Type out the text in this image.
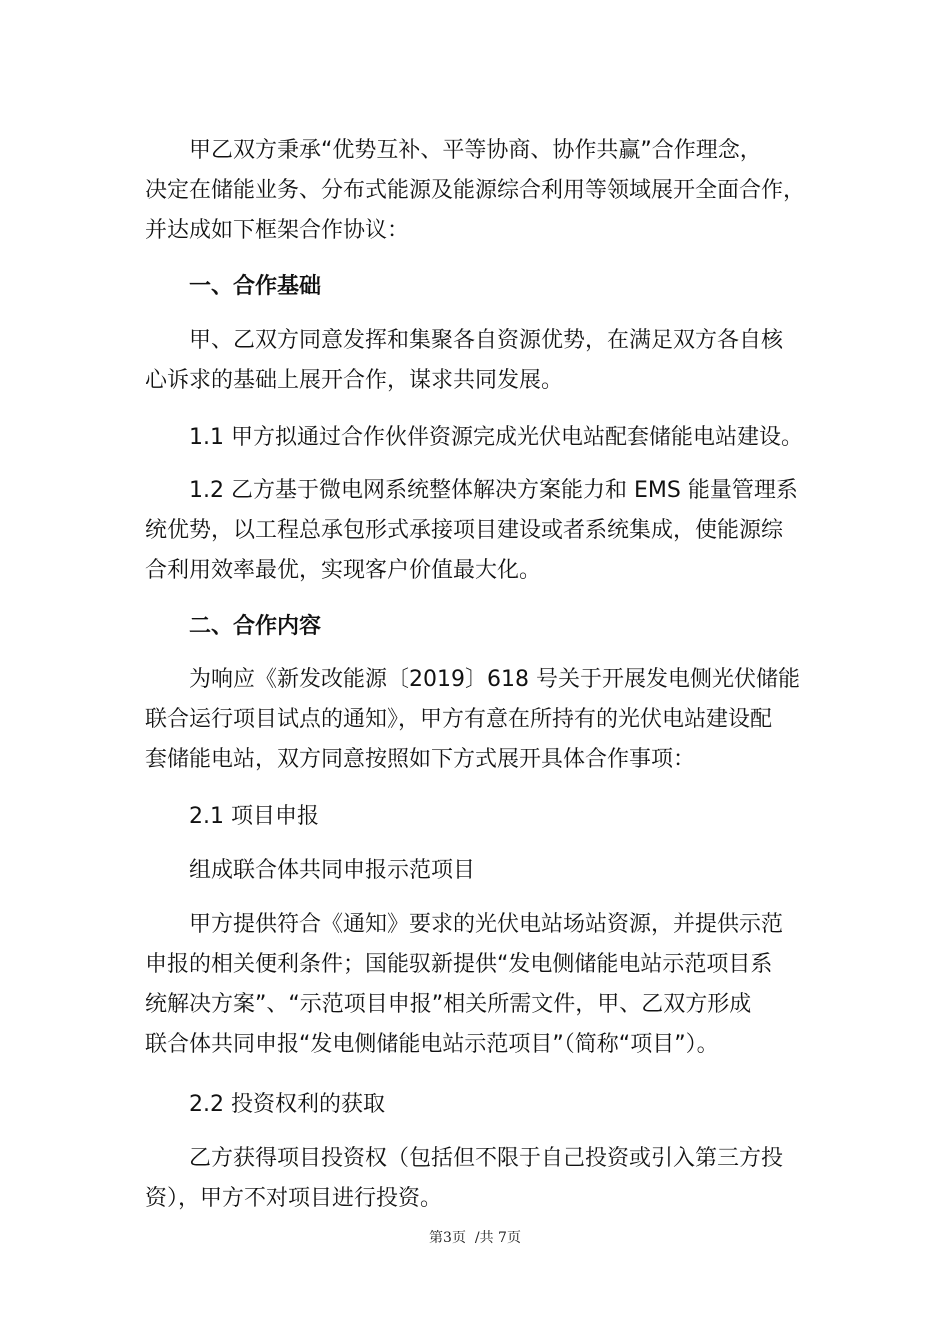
甲乙双方秉承“优势互补、平等协商、协作共赢”合作理念，
决定在储能业务、分布式能源及能源综合利用等领域展开全面合作，
并达成如下框架合作协议：
一、合作基础
甲、乙双方同意发挥和集聚各自资源优势，在满足双方各自核
心诉求的基础上展开合作，谋求共同发展。
1.1 甲方拟通过合作伙伴资源完成光伏电站配套储能电站建设。
1.2 乙方基于微电网系统整体解决方案能力和 EMS 能量管理系
统优势，以工程总承包形式承接项目建设或者系统集成，使能源综
合利用效率最优，实现客户价值最大化。
二、合作内容
为响应《新发改能源〔2019〕618 号关于开展发电侧光伏储能
联合运行项目试点的通知》，甲方有意在所持有的光伏电站建设配
套储能电站，双方同意按照如下方式展开具体合作事项：
2.1 项目申报
组成联合体共同申报示范项目
甲方提供符合《通知》要求的光伏电站场站资源，并提供示范
申报的相关便利条件；国能驭新提供“发电侧储能电站示范项目系
统解决方案”、“示范项目申报”相关所需文件，甲、乙双方形成
联合体共同申报“发电侧储能电站示范项目”（简称“项目”）。
2.2 投资权利的获取
乙方获得项目投资权（包括但不限于自己投资或引入第三方投
资），甲方不对项目进行投资。
第3页  /共 7页
